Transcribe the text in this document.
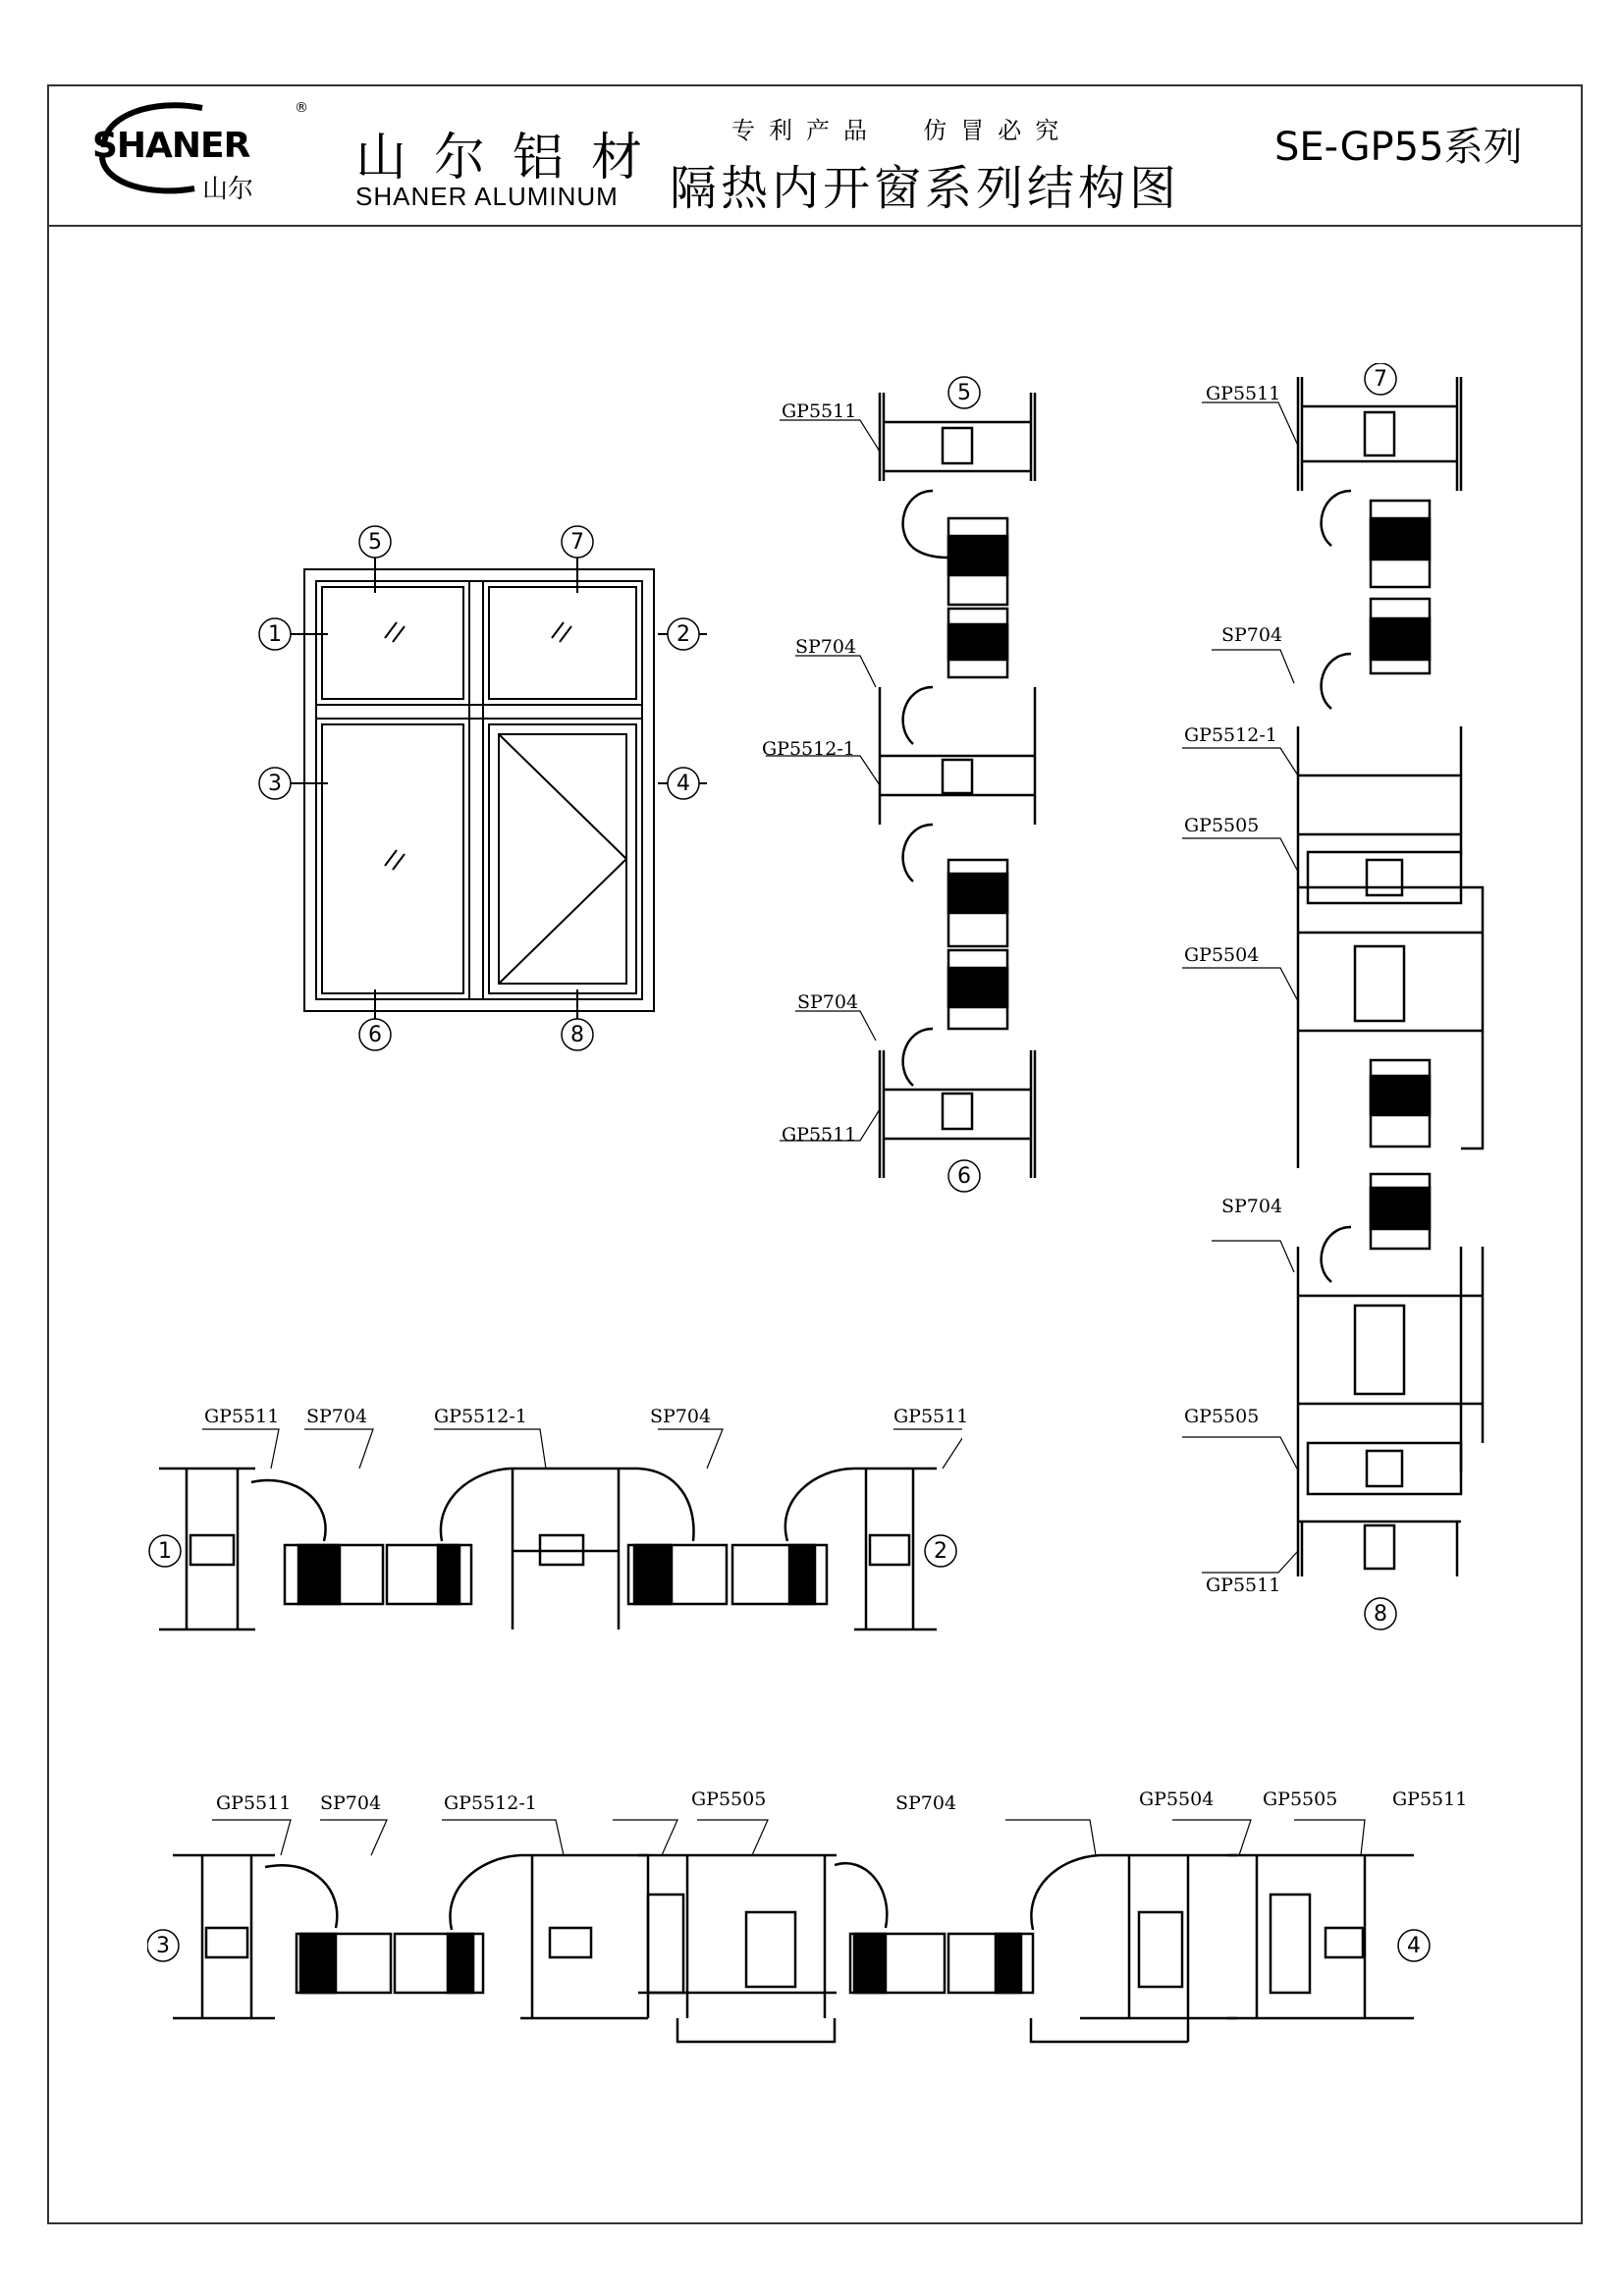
SHANER
山尔
®
山尔铝材
SHANER ALUMINUM
专利产品  仿冒必究
隔热内开窗系列结构图
SE-GP55系列
5	7
1	2
3	4
6	8
GP5511
SP704
GP5512-1
SP704
GP5511
5
6
GP5511
SP704
GP5512-1
GP5505
GP5504
SP704
GP5505
GP5511
7
8
GP5511 SP704	GP5512-1	SP704	GP5511
1	2
GP5511 SP704	GP5512-1	GP5505	SP704	GP5504	GP5505	GP5511
3	4
